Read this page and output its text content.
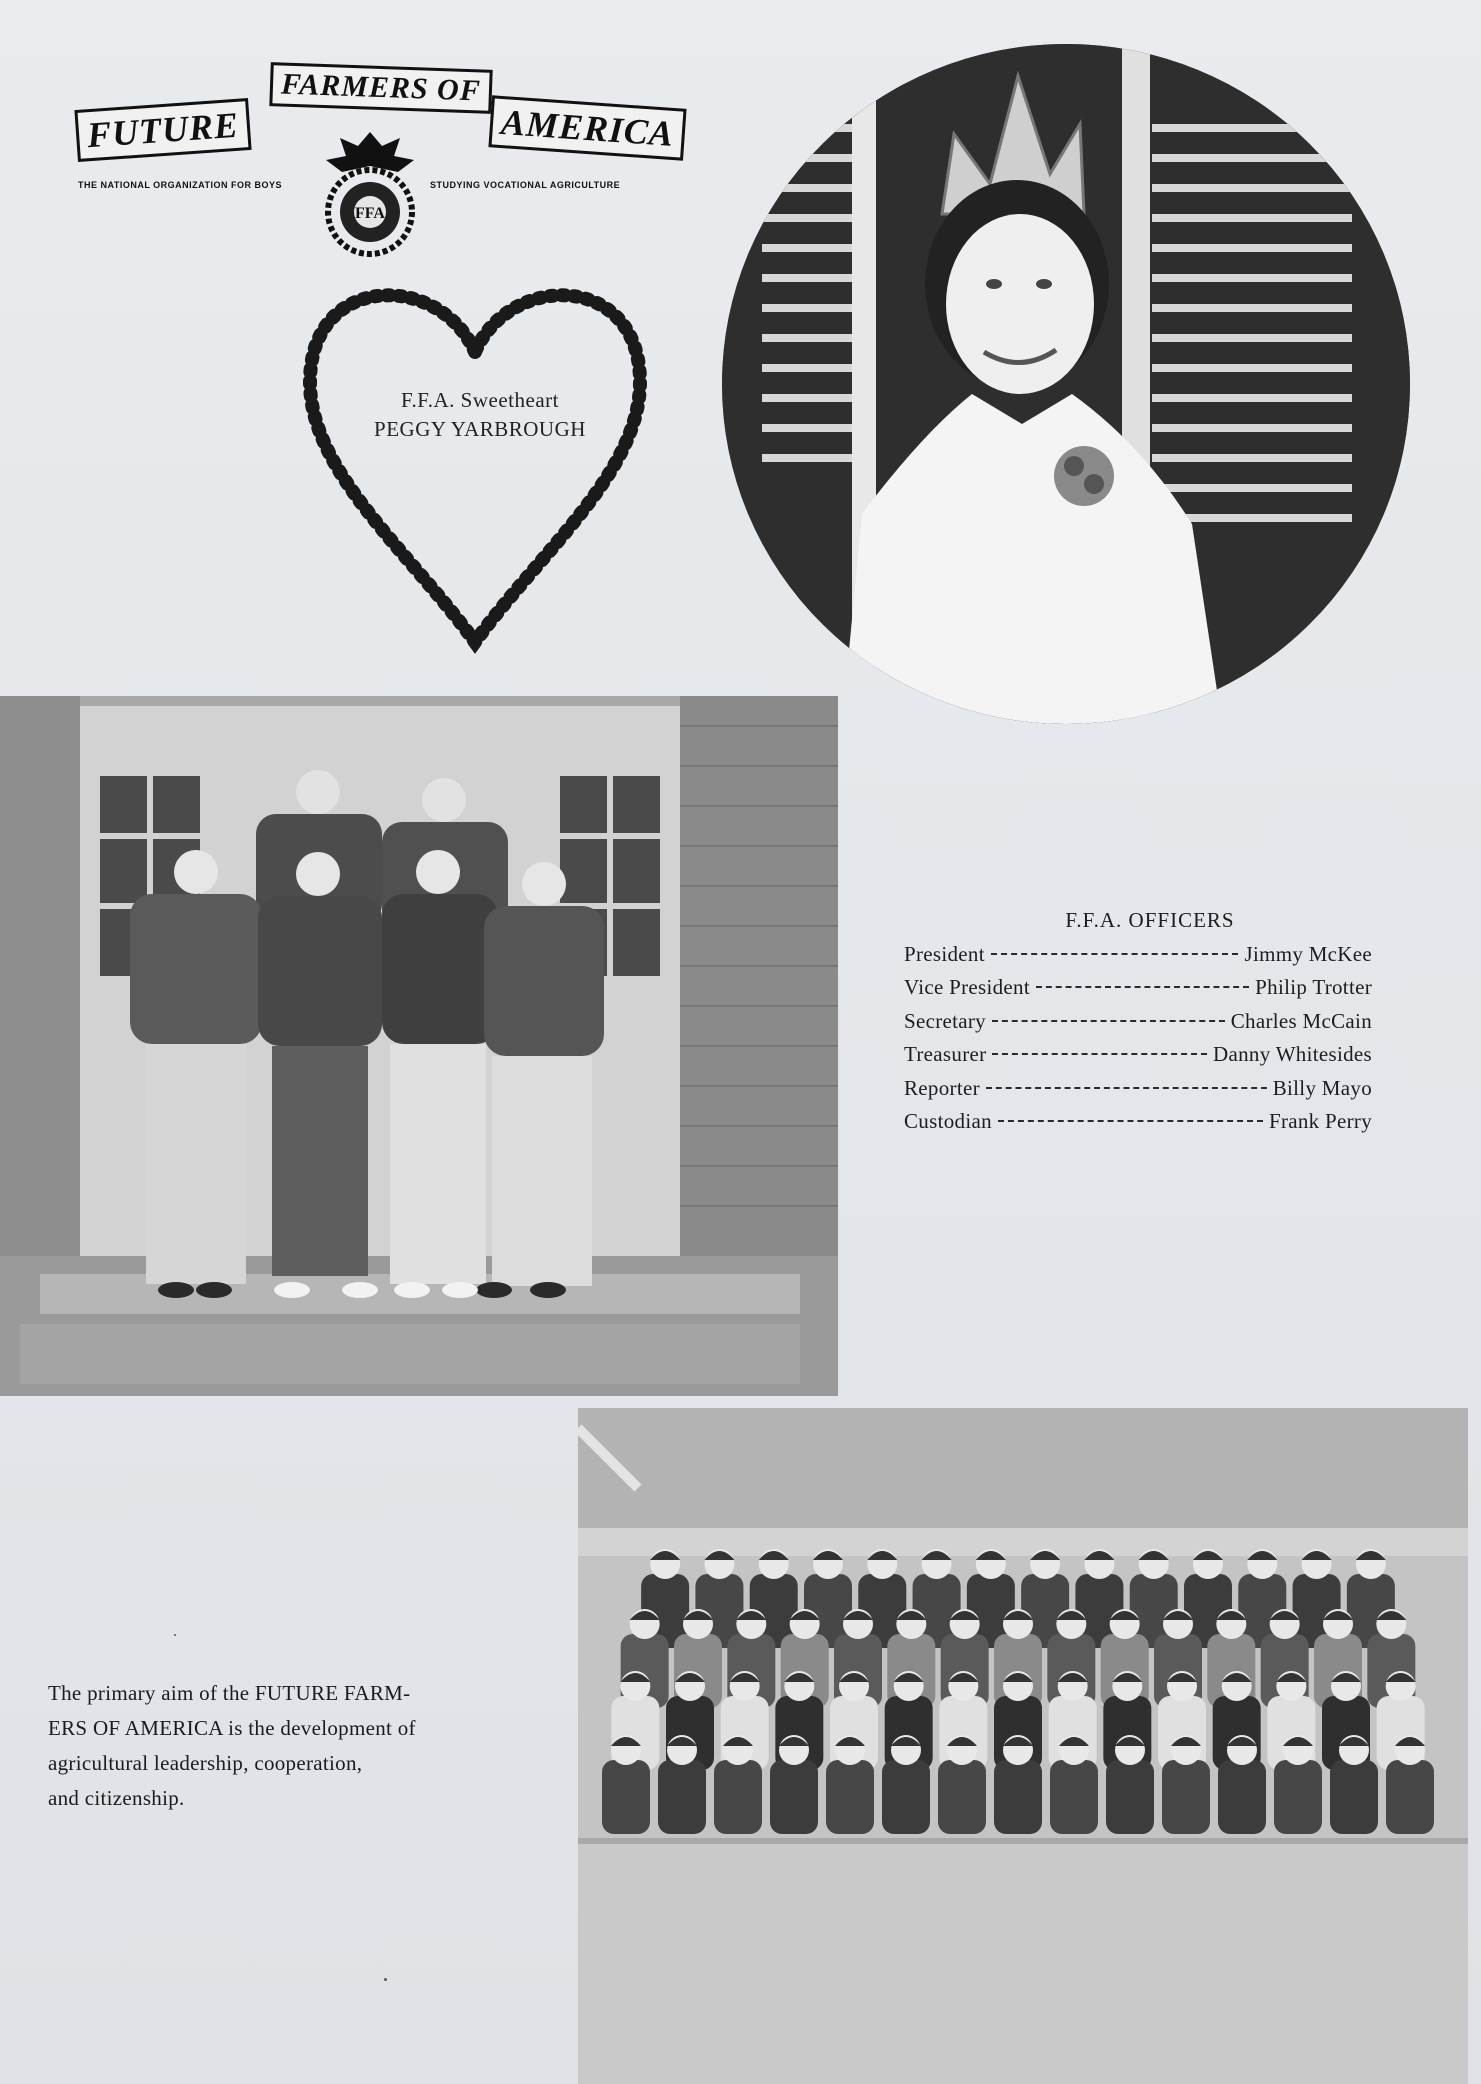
FUTURE
FARMERS OF
AMERICA
THE NATIONAL ORGANIZATION FOR BOYS	STUDYING VOCATIONAL AGRICULTURE
FFA
F.F.A. Sweetheart
PEGGY YARBROUGH
F.F.A. OFFICERS
President	Jimmy McKee
Vice President	Philip Trotter
Secretary	Charles McCain
Treasurer	Danny Whitesides
Reporter	Billy Mayo
Custodian	Frank Perry

The primary aim of the FUTURE FARM-

ERS OF AMERICA is the development of

agricultural leadership, cooperation,

and citizenship.
